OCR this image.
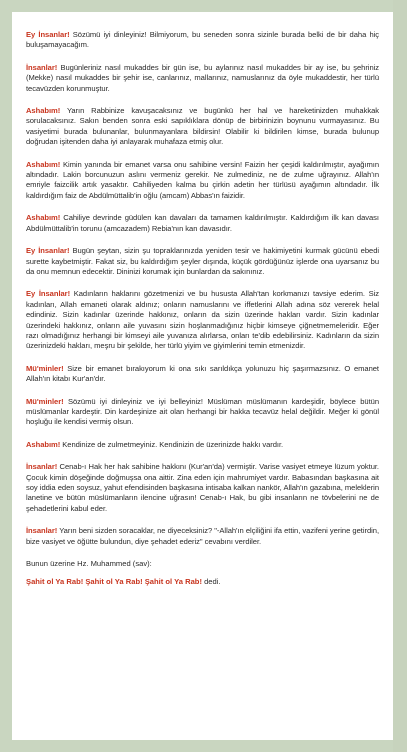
Ey İnsanlar! Sözümü iyi dinleyiniz! Bilmiyorum, bu seneden sonra sizinle burada belki de bir daha hiç buluşamayacağım.

İnsanlar! Bugünleriniz nasıl mukaddes bir gün ise, bu aylarınız nasıl mukaddes bir ay ise, bu şehriniz (Mekke) nasıl mukaddes bir şehir ise, canlarınız, mallarınız, namuslarınız da öyle mukaddestir, her türlü tecavüzden korunmuştur.

Ashabım! Yarın Rabbinize kavuşacaksınız ve bugünkü her hal ve hareketinizden muhakkak sorulacaksınız. Sakın benden sonra eski sapıklıklara dönüp de birbirinizin boynunu vurmayasınız. Bu vasiyetimi burada bulunanlar, bulunmayanlara bildirsin! Olabilir ki bildirilen kimse, burada bulunup doğrudan işitenden daha iyi anlayarak muhafaza etmiş olur.

Ashabım! Kimin yanında bir emanet varsa onu sahibine versin! Faizin her çeşidi kaldırılmıştır, ayağımın altındadır. Lakin borcunuzun aslını vermeniz gerekir. Ne zulmediniz, ne de zulme uğrayınız. Allah'ın emriyle faizcilik artık yasaktır. Cahiliyeden kalma bu çirkin adetin her türlüsü ayağımın altındadır. İlk kaldırdığım faiz de Abdülmüttalib'in oğlu (amcam) Abbas'ın faizidir.

Ashabım! Cahiliye devrinde güdülen kan davaları da tamamen kaldırılmıştır. Kaldırdığım ilk kan davası Abdülmüttalib'in torunu (amcazadem) Rebia'nın kan davasıdır.

Ey İnsanlar! Bugün şeytan, sizin şu topraklarınızda yeniden tesir ve hakimiyetini kurmak gücünü ebedi surette kaybetmiştir. Fakat siz, bu kaldırdığım şeyler dışında, küçük gördüğünüz işlerde ona uyarsanız bu da onu memnun edecektir. Dininizi korumak için bunlardan da sakınınız.

Ey İnsanlar! Kadınların haklarını gözetmenizi ve bu hususta Allah'tan korkmanızı tavsiye ederim. Siz kadınları, Allah emaneti olarak aldınız; onların namuslarını ve iffetlerini Allah adına söz vererek helal edindiniz. Sizin kadınlar üzerinde hakkınız, onların da sizin üzerinde hakları vardır. Sizin kadınlar üzerindeki hakkınız, onların aile yuvasını sizin hoşlanmadığınız hiçbir kimseye çiğnetmemeleridir. Eğer razı olmadığınız herhangi bir kimseyi aile yuvanıza alırlarsa, onları te'dib edebilirsiniz. Kadınların da sizin üzerinizdeki hakları, meşru bir şekilde, her türlü yiyim ve giyimlerini temin etmenizdir.

Mü'minler! Size bir emanet bırakıyorum ki ona sıkı sarıldıkça yolunuzu hiç şaşırmazsınız. O emanet Allah'ın kitabı Kur'an'dır.

Mü'minler! Sözümü iyi dinleyiniz ve iyi belleyiniz! Müslüman müslümanın kardeşidir, böylece bütün müslümanlar kardeştir. Din kardeşinize ait olan herhangi bir hakka tecavüz helal değildir. Meğer ki gönül hoşluğu ile kendisi vermiş olsun.

Ashabım! Kendinize de zulmetmeyiniz. Kendinizin de üzerinizde hakkı vardır.

İnsanlar! Cenab-ı Hak her hak sahibine hakkını (Kur'an'da) vermiştir. Varise vasiyet etmeye lüzum yoktur. Çocuk kimin döşeğinde doğmuşsa ona aittir. Zina eden için mahrumiyet vardır. Babasından başkasına ait soy iddia eden soysuz, yahut efendisinden başkasına intisaba kalkan nankör, Allah'ın gazabına, meleklerin lanetine ve bütün müslümanların ilencine uğrasın! Cenab-ı Hak, bu gibi insanların ne tövbelerini ne de şehadetlerini kabul eder.

İnsanlar! Yarın beni sizden soracaklar, ne diyeceksiniz? "-Allah'ın elçiliğini ifa ettin, vazifeni yerine getirdin, bize vasiyet ve öğütte bulundun, diye şehadet ederiz" cevabını verdiler.

Bunun üzerine Hz. Muhammed (sav):

Şahit ol Ya Rab! Şahit ol Ya Rab! Şahit ol Ya Rab! dedi.
